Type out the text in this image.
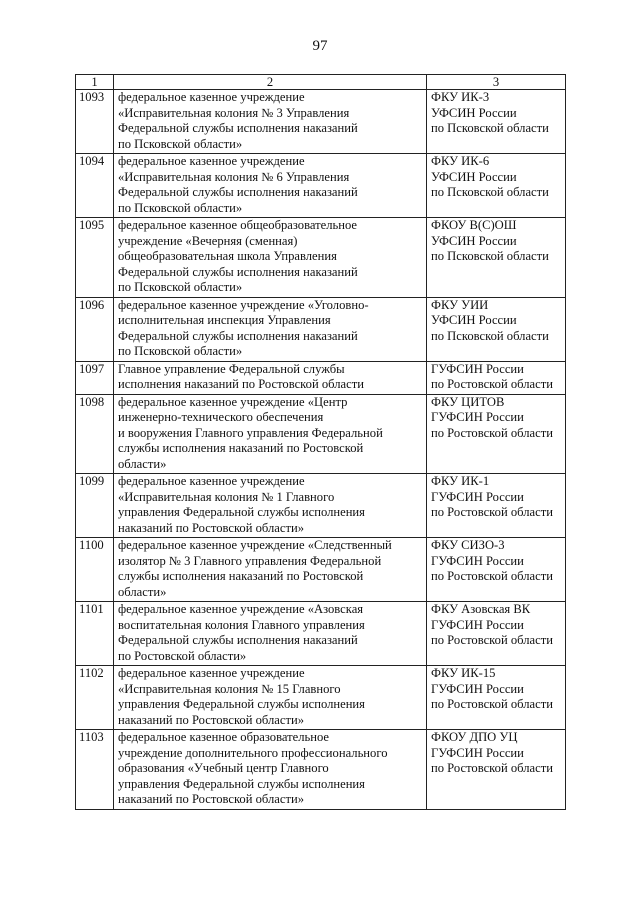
97
1	2	3
1093	федеральное казенное учреждение
«Исправительная колония № 3 Управления
Федеральной службы исполнения наказаний
по Псковской области»	ФКУ ИК-3
УФСИН России
по Псковской области

1094	федеральное казенное учреждение
«Исправительная колония № 6 Управления
Федеральной службы исполнения наказаний
по Псковской области»	ФКУ ИК-6
УФСИН России
по Псковской области

1095	федеральное казенное общеобразовательное
учреждение «Вечерняя (сменная)
общеобразовательная школа Управления
Федеральной службы исполнения наказаний
по Псковской области»	ФКОУ В(С)ОШ
УФСИН России
по Псковской области

1096	федеральное казенное учреждение «Уголовно-
исполнительная инспекция Управления
Федеральной службы исполнения наказаний
по Псковской области»	ФКУ УИИ
УФСИН России
по Псковской области

1097	Главное управление Федеральной службы
исполнения наказаний по Ростовской области	ГУФСИН России
по Ростовской области

1098	федеральное казенное учреждение «Центр
инженерно-технического обеспечения
и вооружения Главного управления Федеральной
службы исполнения наказаний по Ростовской
области»	ФКУ ЦИТОВ
ГУФСИН России
по Ростовской области

1099	федеральное казенное учреждение
«Исправительная колония № 1 Главного
управления Федеральной службы исполнения
наказаний по Ростовской области»	ФКУ ИК-1
ГУФСИН России
по Ростовской области

1100	федеральное казенное учреждение «Следственный
изолятор № 3 Главного управления Федеральной
службы исполнения наказаний по Ростовской
области»	ФКУ СИЗО-3
ГУФСИН России
по Ростовской области

1101	федеральное казенное учреждение «Азовская
воспитательная колония Главного управления
Федеральной службы исполнения наказаний
по Ростовской области»	ФКУ Азовская ВК
ГУФСИН России
по Ростовской области

1102	федеральное казенное учреждение
«Исправительная колония № 15 Главного
управления Федеральной службы исполнения
наказаний по Ростовской области»	ФКУ ИК-15
ГУФСИН России
по Ростовской области

1103	федеральное казенное образовательное
учреждение дополнительного профессионального
образования «Учебный центр Главного
управления Федеральной службы исполнения
наказаний по Ростовской области»	ФКОУ ДПО УЦ
ГУФСИН России
по Ростовской области
